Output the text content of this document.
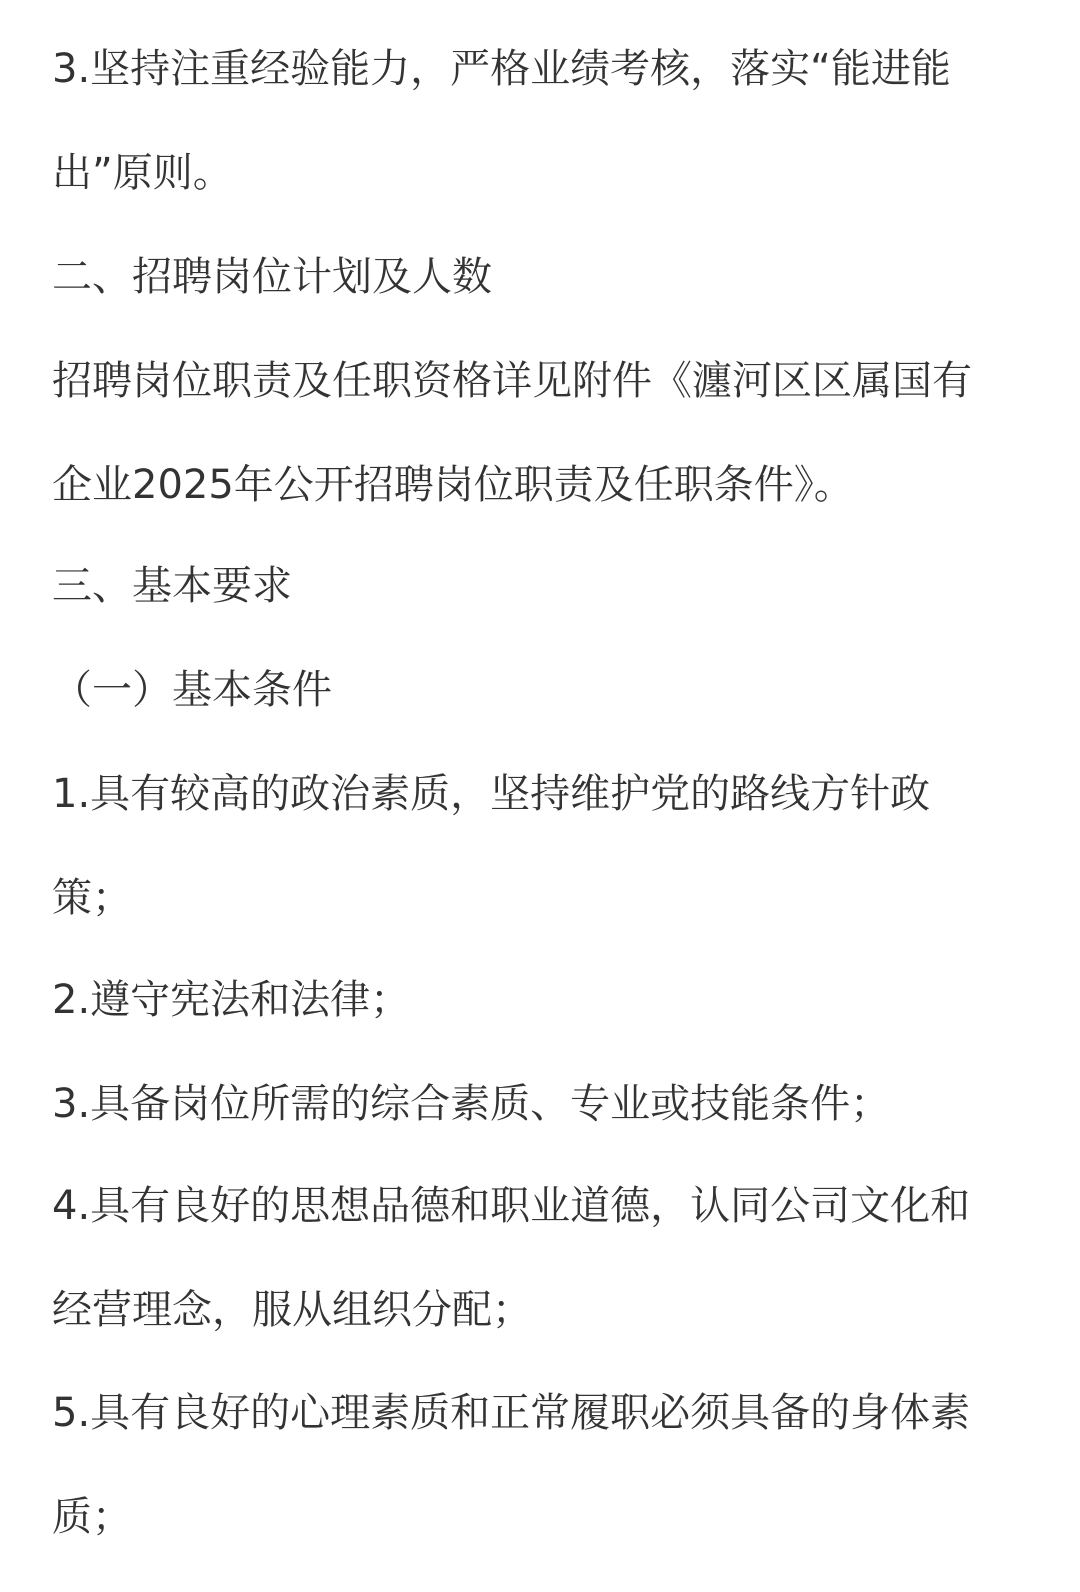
3.坚持注重经验能力，严格业绩考核，落实“能进能
出”原则。
二、招聘岗位计划及人数
招聘岗位职责及任职资格详见附件《瀍河区区属国有
企业2025年公开招聘岗位职责及任职条件》。
三、基本要求
（一）基本条件
1.具有较高的政治素质，坚持维护党的路线方针政
策；
2.遵守宪法和法律；
3.具备岗位所需的综合素质、专业或技能条件；
4.具有良好的思想品德和职业道德，认同公司文化和
经营理念，服从组织分配；
5.具有良好的心理素质和正常履职必须具备的身体素
质；
